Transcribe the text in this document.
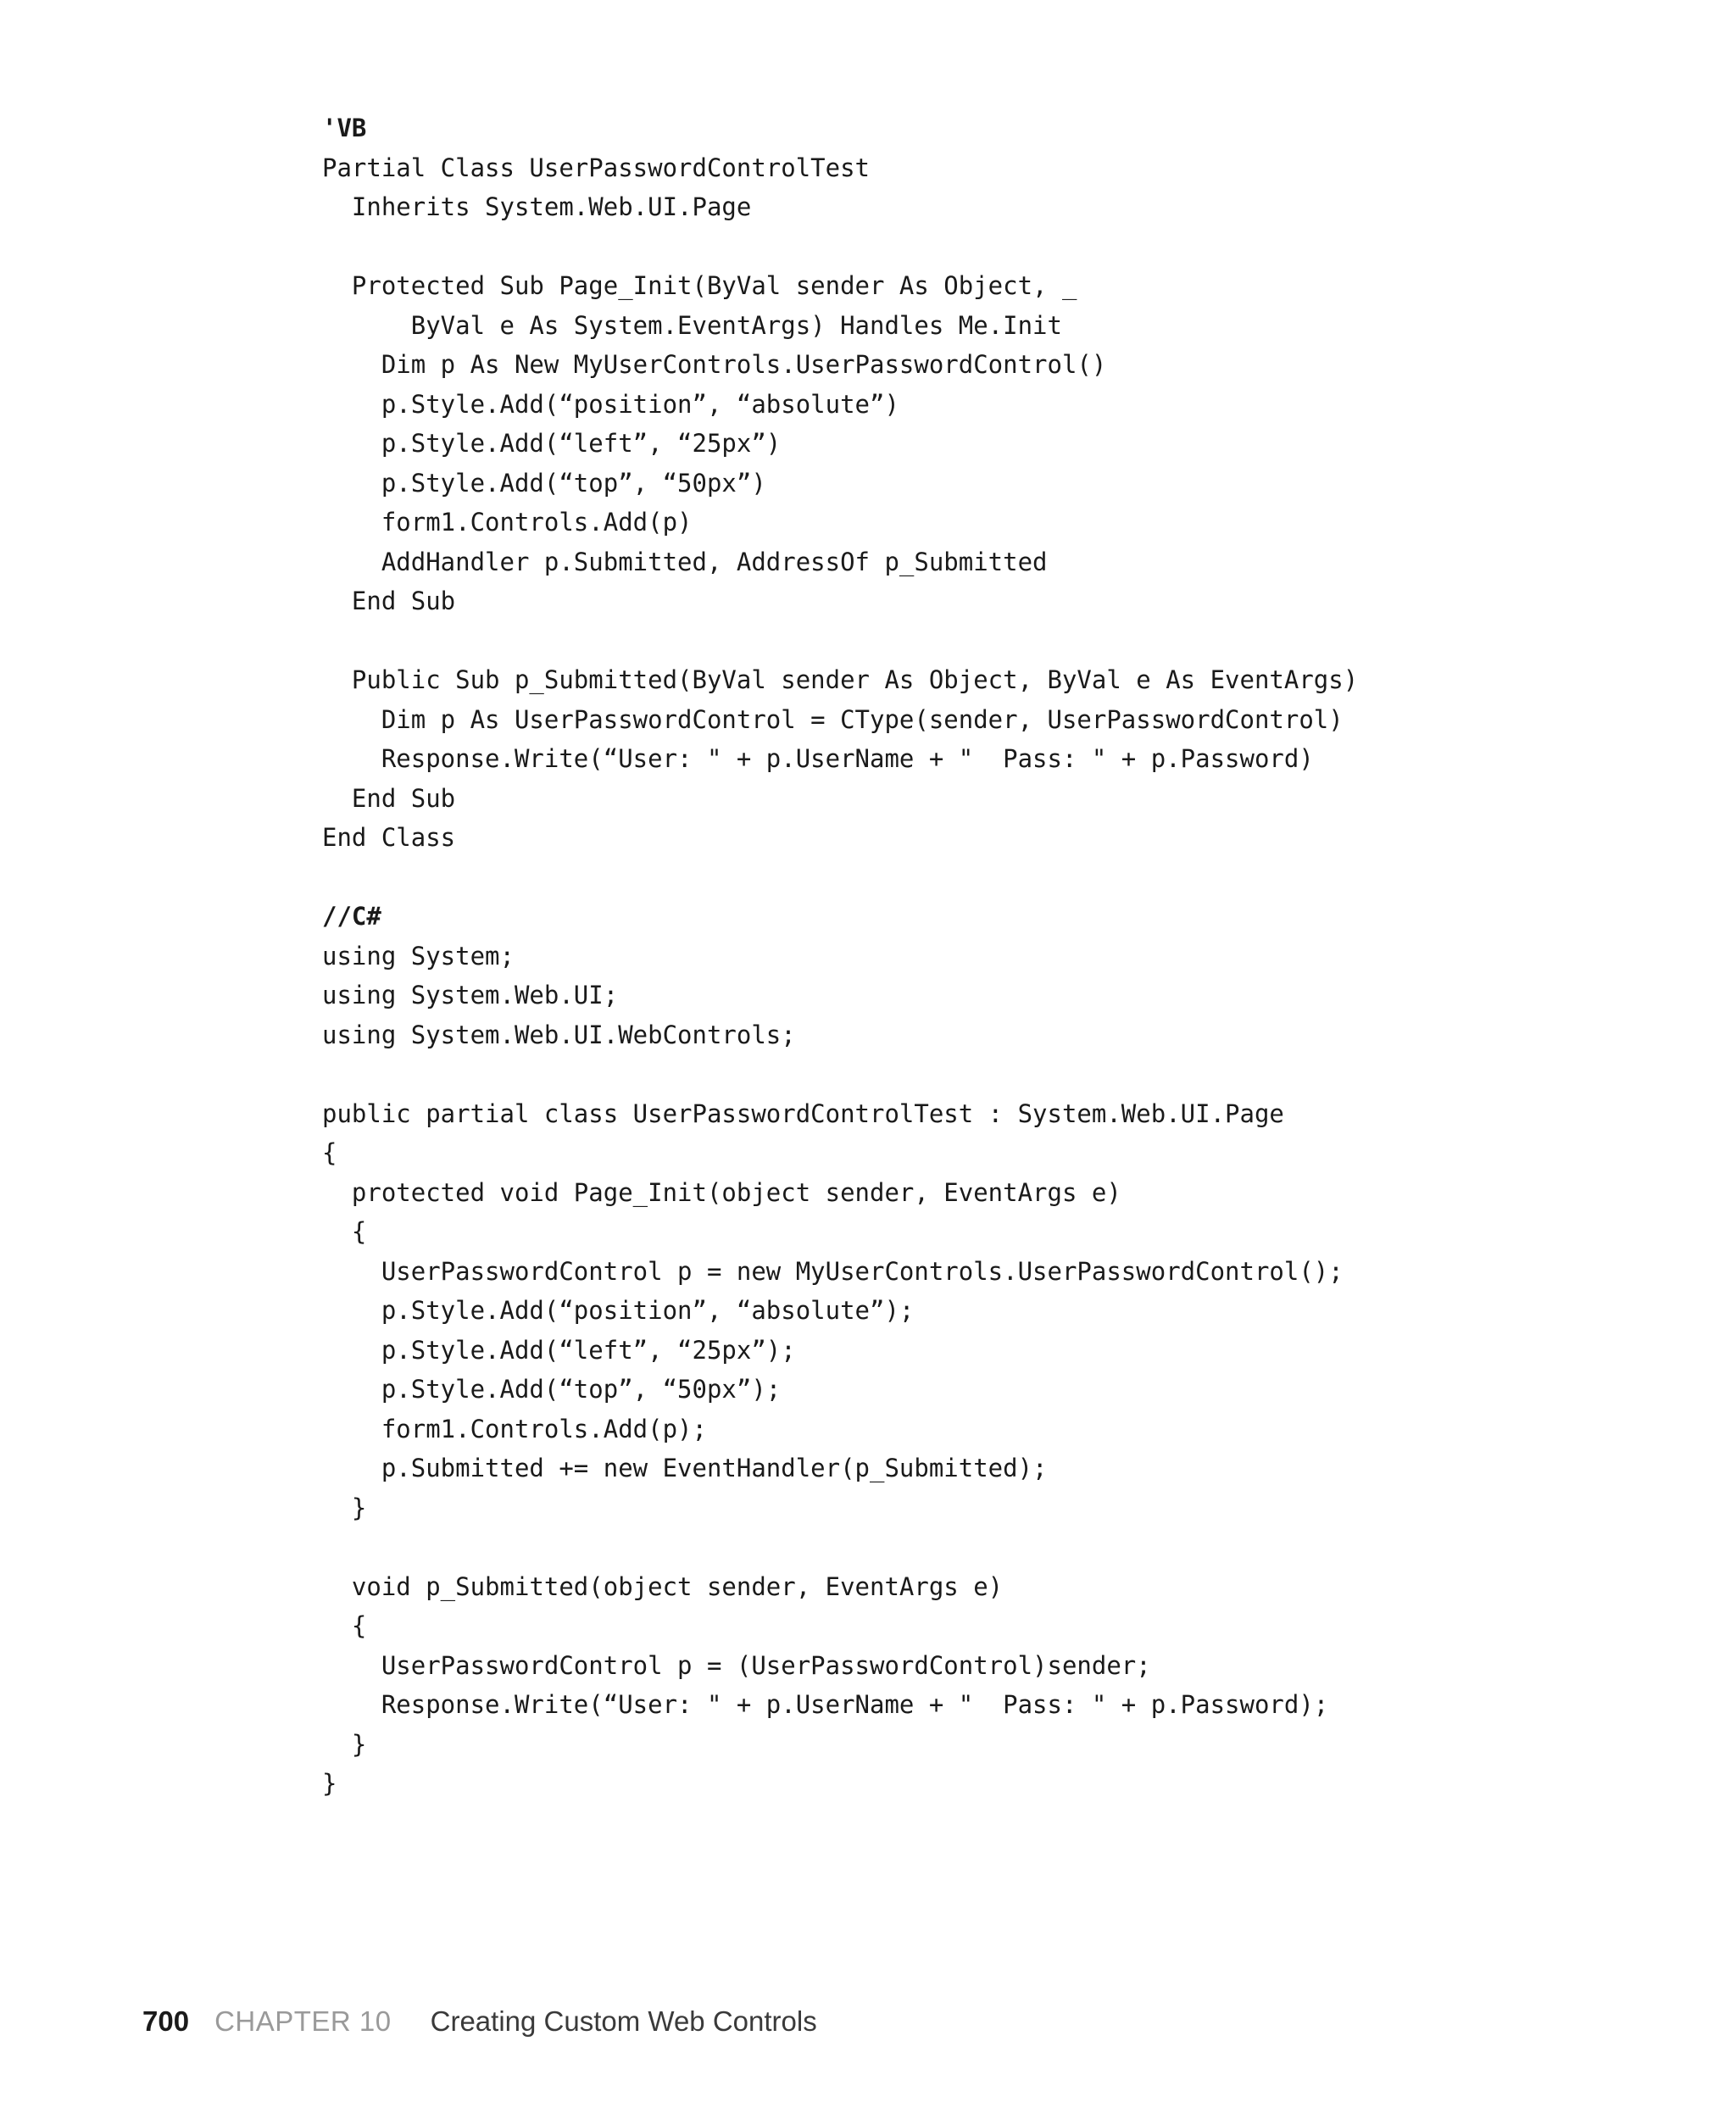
'VB
Partial Class UserPasswordControlTest
Inherits System.Web.UI.Page
Protected Sub Page_Init(ByVal sender As Object, _
ByVal e As System.EventArgs) Handles Me.Init
Dim p As New MyUserControls.UserPasswordControl()
p.Style.Add(“position”, “absolute”)
p.Style.Add(“left”, “25px”)
p.Style.Add(“top”, “50px”)
form1.Controls.Add(p)
AddHandler p.Submitted, AddressOf p_Submitted
End Sub
Public Sub p_Submitted(ByVal sender As Object, ByVal e As EventArgs)
Dim p As UserPasswordControl = CType(sender, UserPasswordControl)
Response.Write(“User: " + p.UserName + "  Pass: " + p.Password)
End Sub
End Class
//C#
using System;
using System.Web.UI;
using System.Web.UI.WebControls;
public partial class UserPasswordControlTest : System.Web.UI.Page
{
protected void Page_Init(object sender, EventArgs e)
{
UserPasswordControl p = new MyUserControls.UserPasswordControl();
p.Style.Add(“position”, “absolute”);
p.Style.Add(“left”, “25px”);
p.Style.Add(“top”, “50px”);
form1.Controls.Add(p);
p.Submitted += new EventHandler(p_Submitted);
}
void p_Submitted(object sender, EventArgs e)
{
UserPasswordControl p = (UserPasswordControl)sender;
Response.Write(“User: " + p.UserName + "  Pass: " + p.Password);
}
}
700 CHAPTER 10 Creating Custom Web Controls
